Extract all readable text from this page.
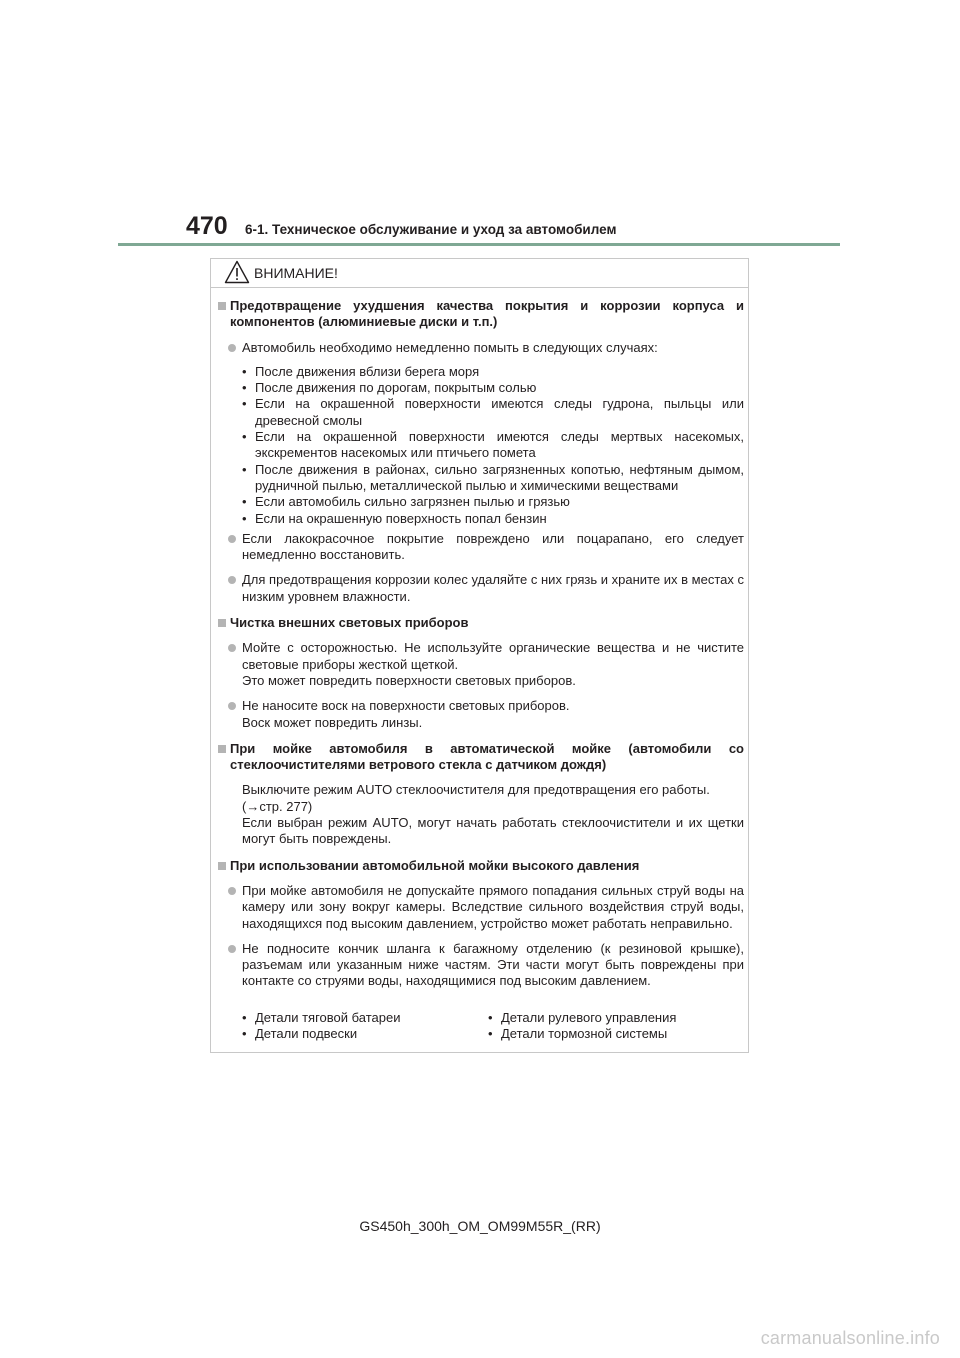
470 6-1. Техническое обслуживание и уход за автомобилем
ВНИМАНИЕ!
Предотвращение ухудшения качества покрытия и коррозии корпуса и компонентов (алюминиевые диски и т.п.)
Автомобиль необходимо немедленно помыть в следующих случаях:
• После движения вблизи берега моря
• После движения по дорогам, покрытым солью
• Если на окрашенной поверхности имеются следы гудрона, пыльцы или древесной смолы
• Если на окрашенной поверхности имеются следы мертвых насекомых, экскрементов насекомых или птичьего помета
• После движения в районах, сильно загрязненных копотью, нефтяным дымом, рудничной пылью, металлической пылью и химическими веществами
• Если автомобиль сильно загрязнен пылью и грязью
• Если на окрашенную поверхность попал бензин
Если лакокрасочное покрытие повреждено или поцарапано, его следует немедленно восстановить.
Для предотвращения коррозии колес удаляйте с них грязь и храните их в местах с низким уровнем влажности.
Чистка внешних световых приборов
Мойте с осторожностью. Не используйте органические вещества и не чистите световые приборы жесткой щеткой.
Это может повредить поверхности световых приборов.
Не наносите воск на поверхности световых приборов.
Воск может повредить линзы.
При мойке автомобиля в автоматической мойке (автомобили со стеклоочистителями ветрового стекла с датчиком дождя)
Выключите режим AUTO стеклоочистителя для предотвращения его работы.
(→стр. 277)
Если выбран режим AUTO, могут начать работать стеклоочистители и их щетки могут быть повреждены.
При использовании автомобильной мойки высокого давления
При мойке автомобиля не допускайте прямого попадания сильных струй воды на камеру или зону вокруг камеры. Вследствие сильного воздействия струй воды, находящихся под высоким давлением, устройство может работать неправильно.
Не подносите кончик шланга к багажному отделению (к резиновой крышке), разъемам или указанным ниже частям. Эти части могут быть повреждены при контакте со струями воды, находящимися под высоким давлением.
• Детали тяговой батареи
• Детали подвески
• Детали рулевого управления
• Детали тормозной системы
GS450h_300h_OM_OM99M55R_(RR)
carmanualsonline.info
